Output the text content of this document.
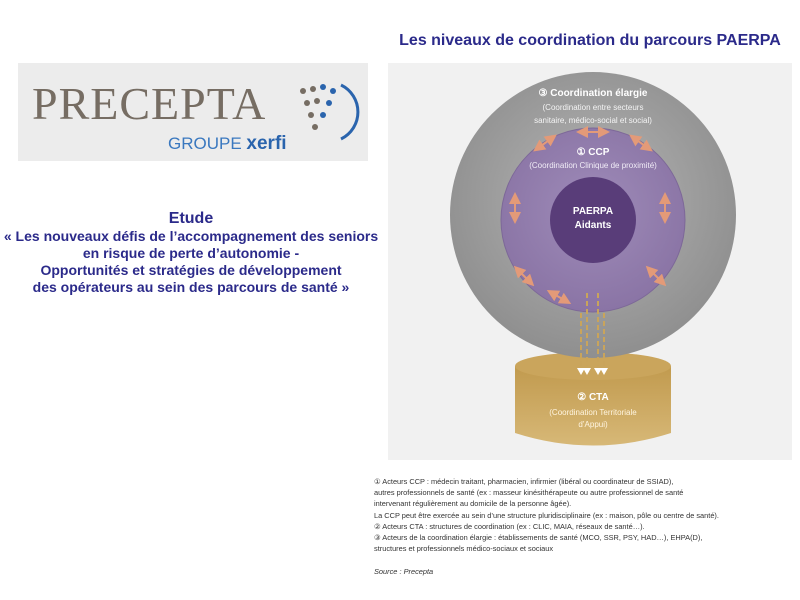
Les niveaux de coordination du parcours PAERPA
PRECEPTA
GROUPE xerfi
Etude
« Les nouveaux défis de l’accompagnement des seniors
en risque de perte d’autonomie -
Opportunités et stratégies de développement
des opérateurs au sein des parcours de santé »
② CTA
(Coordination Territoriale
d’Appui)
③ Coordination élargie
(Coordination entre secteurs
sanitaire, médico-social et social)
① CCP
(Coordination Clinique de proximité)
PAERPA
Aidants

① Acteurs CCP : médecin traitant, pharmacien, infirmier (libéral ou coordinateur de SSIAD),

autres professionnels de santé (ex : masseur kinésithérapeute ou autre professionnel de santé

intervenant régulièrement au domicile de la personne âgée).

La CCP peut être exercée au sein d’une structure pluridisciplinaire (ex : maison, pôle ou centre de santé).

② Acteurs CTA : structures de coordination (ex : CLIC, MAIA, réseaux de santé…).

③ Acteurs de la coordination élargie : établissements de santé (MCO, SSR, PSY, HAD…), EHPA(D),

structures et professionnels médico-sociaux et sociaux

Source : Precepta
